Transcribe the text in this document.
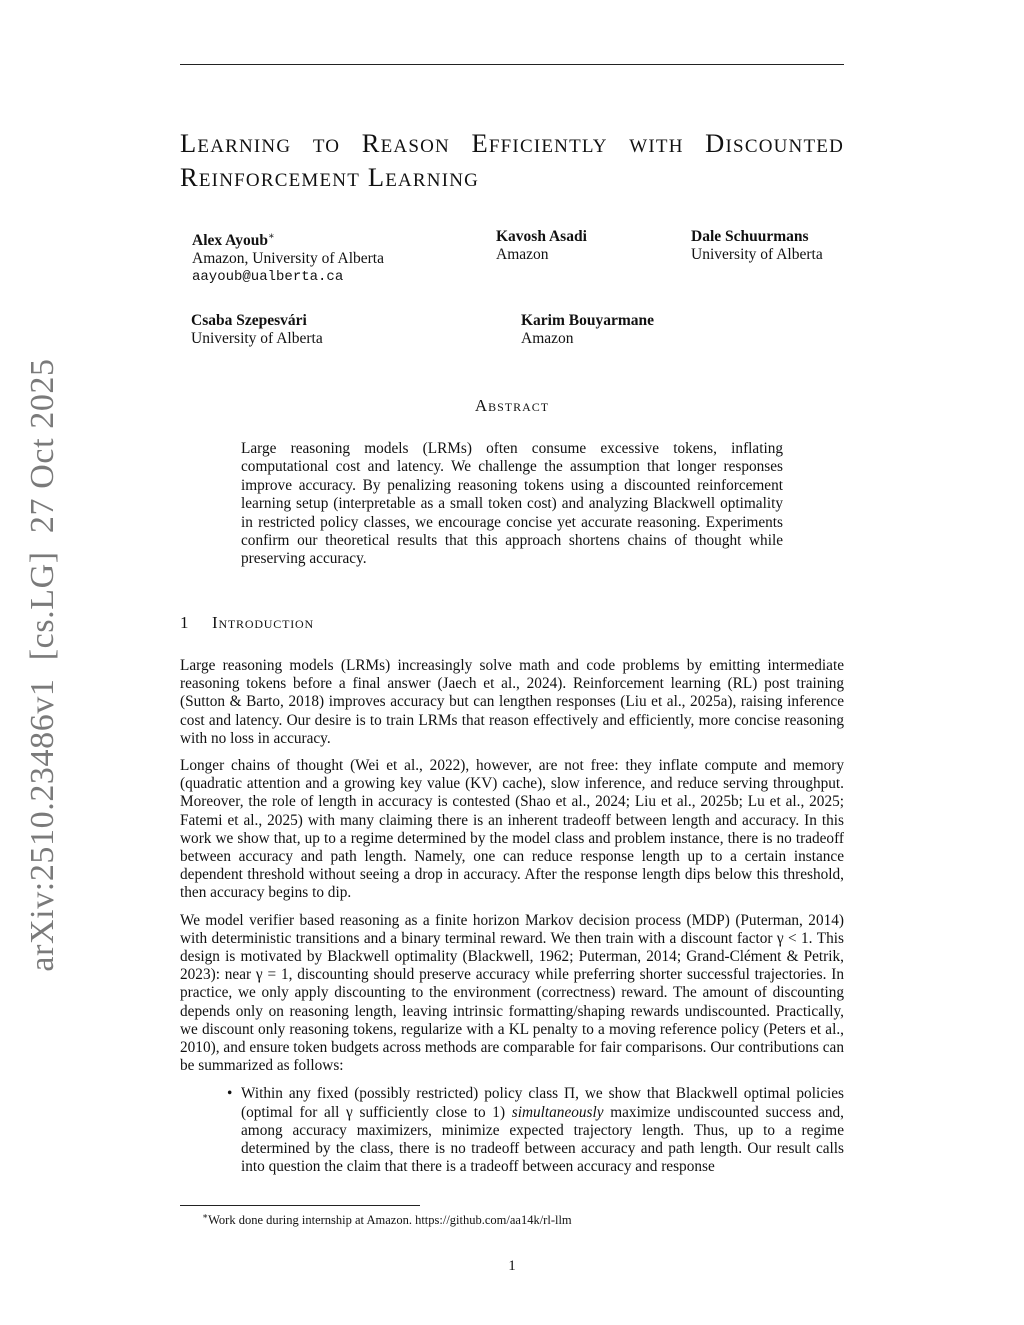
Learning to Reason Efficiently with Discounted Reinforcement Learning
Alex Ayoub∗
Amazon, University of Alberta
aayoub@ualberta.ca
Kavosh Asadi
Amazon
Dale Schuurmans
University of Alberta
Csaba Szepesvári
University of Alberta
Karim Bouyarmane
Amazon
Abstract

Large reasoning models (LRMs) often consume excessive tokens, inflating computational cost and latency. We challenge the assumption that longer responses improve accuracy. By penalizing reasoning tokens using a discounted reinforcement learning setup (interpretable as a small token cost) and analyzing Blackwell optimality in restricted policy classes, we encourage concise yet accurate reasoning. Experiments confirm our theoretical results that this approach shortens chains of thought while preserving accuracy.

1 Introduction

Large reasoning models (LRMs) increasingly solve math and code problems by emitting intermediate reasoning tokens before a final answer (Jaech et al., 2024). Reinforcement learning (RL) post training (Sutton & Barto, 2018) improves accuracy but can lengthen responses (Liu et al., 2025a), raising inference cost and latency. Our desire is to train LRMs that reason effectively and efficiently, more concise reasoning with no loss in accuracy.

Longer chains of thought (Wei et al., 2022), however, are not free: they inflate compute and memory (quadratic attention and a growing key value (KV) cache), slow inference, and reduce serving throughput. Moreover, the role of length in accuracy is contested (Shao et al., 2024; Liu et al., 2025b; Lu et al., 2025; Fatemi et al., 2025) with many claiming there is an inherent tradeoff between length and accuracy. In this work we show that, up to a regime determined by the model class and problem instance, there is no tradeoff between accuracy and path length. Namely, one can reduce response length up to a certain instance dependent threshold without seeing a drop in accuracy. After the response length dips below this threshold, then accuracy begins to dip.

We model verifier based reasoning as a finite horizon Markov decision process (MDP) (Puterman, 2014) with deterministic transitions and a binary terminal reward. We then train with a discount factor γ < 1. This design is motivated by Blackwell optimality (Blackwell, 1962; Puterman, 2014; Grand-Clément & Petrik, 2023): near γ = 1, discounting should preserve accuracy while preferring shorter successful trajectories. In practice, we only apply discounting to the environment (correctness) reward. The amount of discounting depends only on reasoning length, leaving intrinsic formatting/shaping rewards undiscounted. Practically, we discount only reasoning tokens, regularize with a KL penalty to a moving reference policy (Peters et al., 2010), and ensure token budgets across methods are comparable for fair comparisons. Our contributions can be summarized as follows:

• Within any fixed (possibly restricted) policy class Π, we show that Blackwell optimal policies (optimal for all γ sufficiently close to 1) simultaneously maximize undiscounted success and, among accuracy maximizers, minimize expected trajectory length. Thus, up to a regime determined by the class, there is no tradeoff between accuracy and path length. Our result calls into question the claim that there is a tradeoff between accuracy and response
∗Work done during internship at Amazon. https://github.com/aa14k/rl-llm
1
arXiv:2510.23486v1  [cs.LG]  27 Oct 2025
